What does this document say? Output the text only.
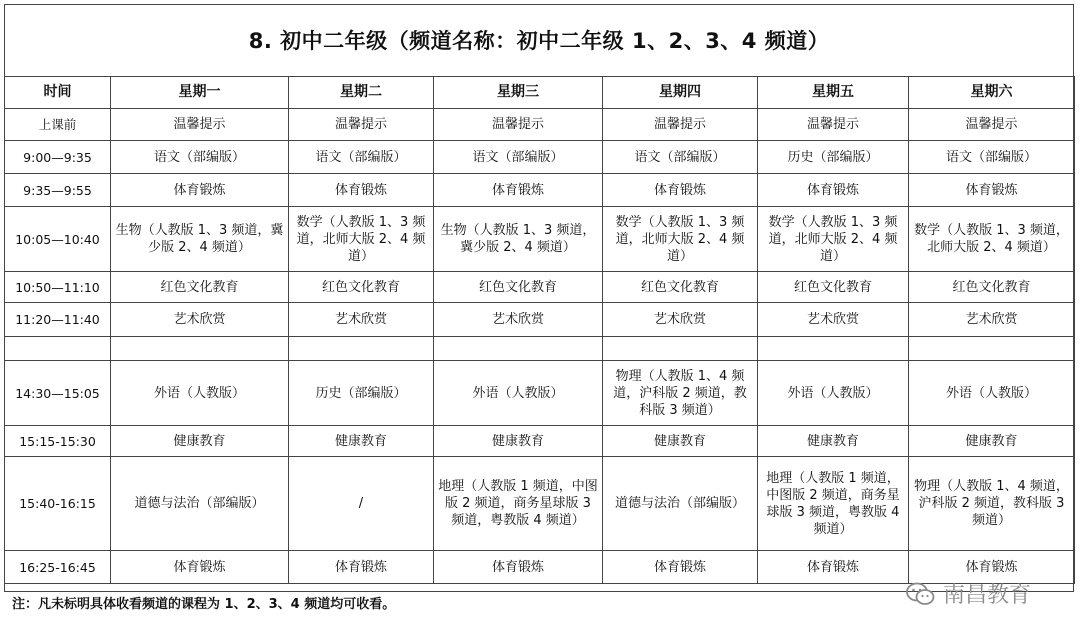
8. 初中二年级（频道名称：初中二年级 1、2、3、4 频道）
时间	星期一	星期二	星期三	星期四	星期五	星期六
上课前	温馨提示	温馨提示	温馨提示	温馨提示	温馨提示	温馨提示
9:00—9:35	语文（部编版）	语文（部编版）	语文（部编版）	语文（部编版）	历史（部编版）	语文（部编版）
9:35—9:55	体育锻炼	体育锻炼	体育锻炼	体育锻炼	体育锻炼	体育锻炼
10:05—10:40	生物（人教版 1、3 频道，冀少版 2、4 频道）	数学（人教版 1、3 频道，北师大版 2、4 频道）	生物（人教版 1、3 频道，冀少版 2、4 频道）	数学（人教版 1、3 频道，北师大版 2、4 频道）	数学（人教版 1、3 频道，北师大版 2、4 频道）	数学（人教版 1、3 频道，北师大版 2、4 频道）
10:50—11:10	红色文化教育	红色文化教育	红色文化教育	红色文化教育	红色文化教育	红色文化教育
11:20—11:40	艺术欣赏	艺术欣赏	艺术欣赏	艺术欣赏	艺术欣赏	艺术欣赏

14:30—15:05	外语（人教版）	历史（部编版）	外语（人教版）	物理（人教版 1、4 频道，沪科版 2 频道，教科版 3 频道）	外语（人教版）	外语（人教版）
15:15-15:30	健康教育	健康教育	健康教育	健康教育	健康教育	健康教育
15:40-16:15	道德与法治（部编版）	/	地理（人教版 1 频道，中图版 2 频道，商务星球版 3 频道，粤教版 4 频道）	道德与法治（部编版）	地理（人教版 1 频道，中图版 2 频道，商务星球版 3 频道，粤教版 4 频道）	物理（人教版 1、4 频道，沪科版 2 频道，教科版 3 频道）
16:25-16:45	体育锻炼	体育锻炼	体育锻炼	体育锻炼	体育锻炼	体育锻炼
注：凡未标明具体收看频道的课程为 1、2、3、4 频道均可收看。	南昌教育
